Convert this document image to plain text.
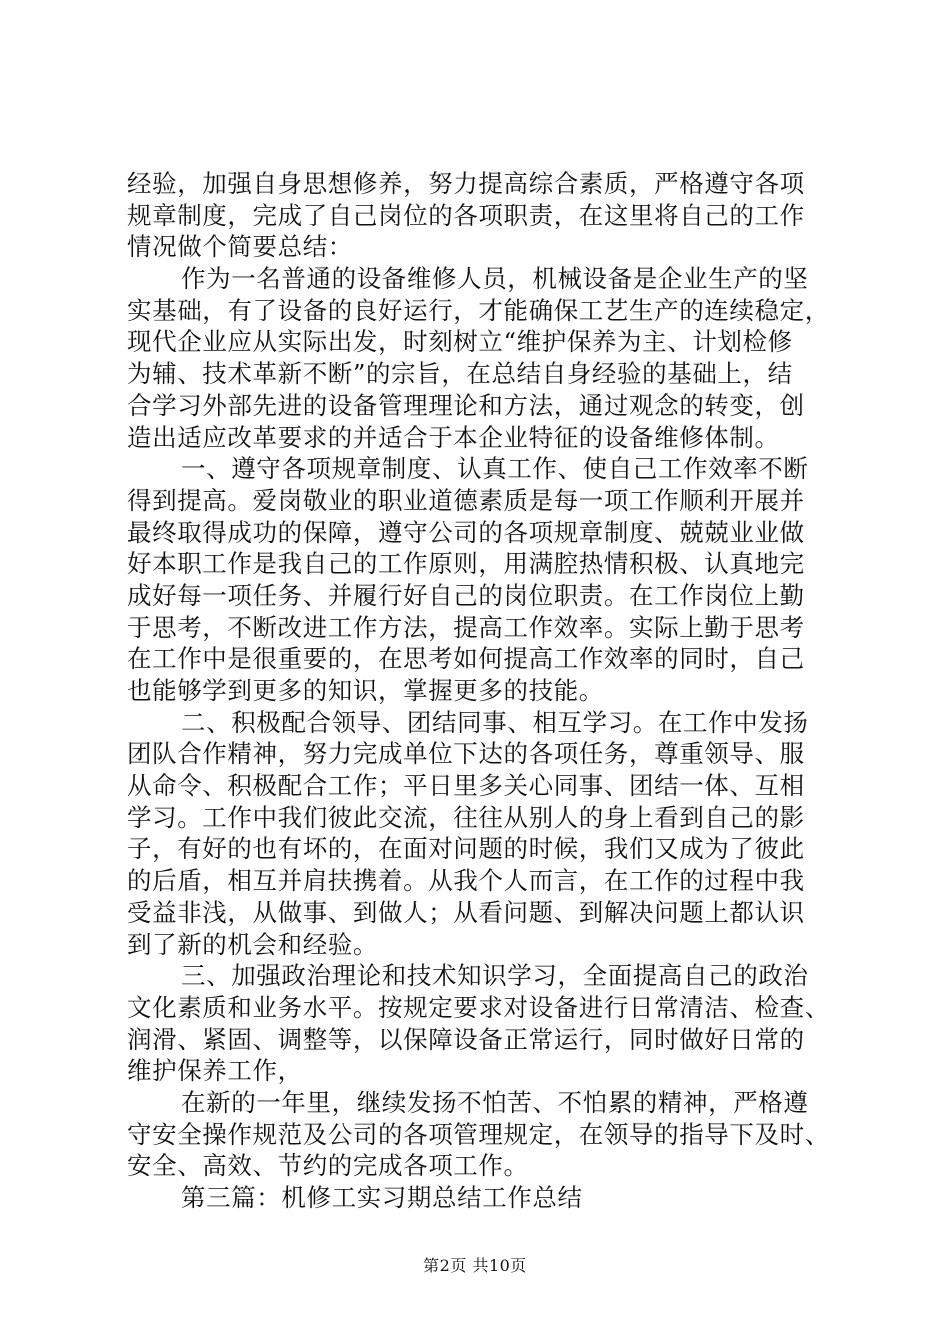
经验，加强自身思想修养，努力提高综合素质，严格遵守各项
规章制度，完成了自己岗位的各项职责，在这里将自己的工作
情况做个简要总结：
作为一名普通的设备维修人员，机械设备是企业生产的坚
实基础，有了设备的良好运行，才能确保工艺生产的连续稳定，
现代企业应从实际出发，时刻树立“维护保养为主、计划检修
为辅、技术革新不断”的宗旨，在总结自身经验的基础上，结
合学习外部先进的设备管理理论和方法，通过观念的转变，创
造出适应改革要求的并适合于本企业特征的设备维修体制。
一、遵守各项规章制度、认真工作、使自己工作效率不断
得到提高。爱岗敬业的职业道德素质是每一项工作顺利开展并
最终取得成功的保障，遵守公司的各项规章制度、兢兢业业做
好本职工作是我自己的工作原则，用满腔热情积极、认真地完
成好每一项任务、并履行好自己的岗位职责。在工作岗位上勤
于思考，不断改进工作方法，提高工作效率。实际上勤于思考
在工作中是很重要的，在思考如何提高工作效率的同时，自己
也能够学到更多的知识，掌握更多的技能。
二、积极配合领导、团结同事、相互学习。在工作中发扬
团队合作精神，努力完成单位下达的各项任务，尊重领导、服
从命令、积极配合工作；平日里多关心同事、团结一体、互相
学习。工作中我们彼此交流，往往从别人的身上看到自己的影
子，有好的也有坏的，在面对问题的时候，我们又成为了彼此
的后盾，相互并肩扶携着。从我个人而言，在工作的过程中我
受益非浅，从做事、到做人；从看问题、到解决问题上都认识
到了新的机会和经验。
三、加强政治理论和技术知识学习，全面提高自己的政治
文化素质和业务水平。按规定要求对设备进行日常清洁、检查、
润滑、紧固、调整等，以保障设备正常运行，同时做好日常的
维护保养工作，
在新的一年里，继续发扬不怕苦、不怕累的精神，严格遵
守安全操作规范及公司的各项管理规定，在领导的指导下及时、
安全、高效、节约的完成各项工作。
第三篇：机修工实习期总结工作总结
第2页 共10页
